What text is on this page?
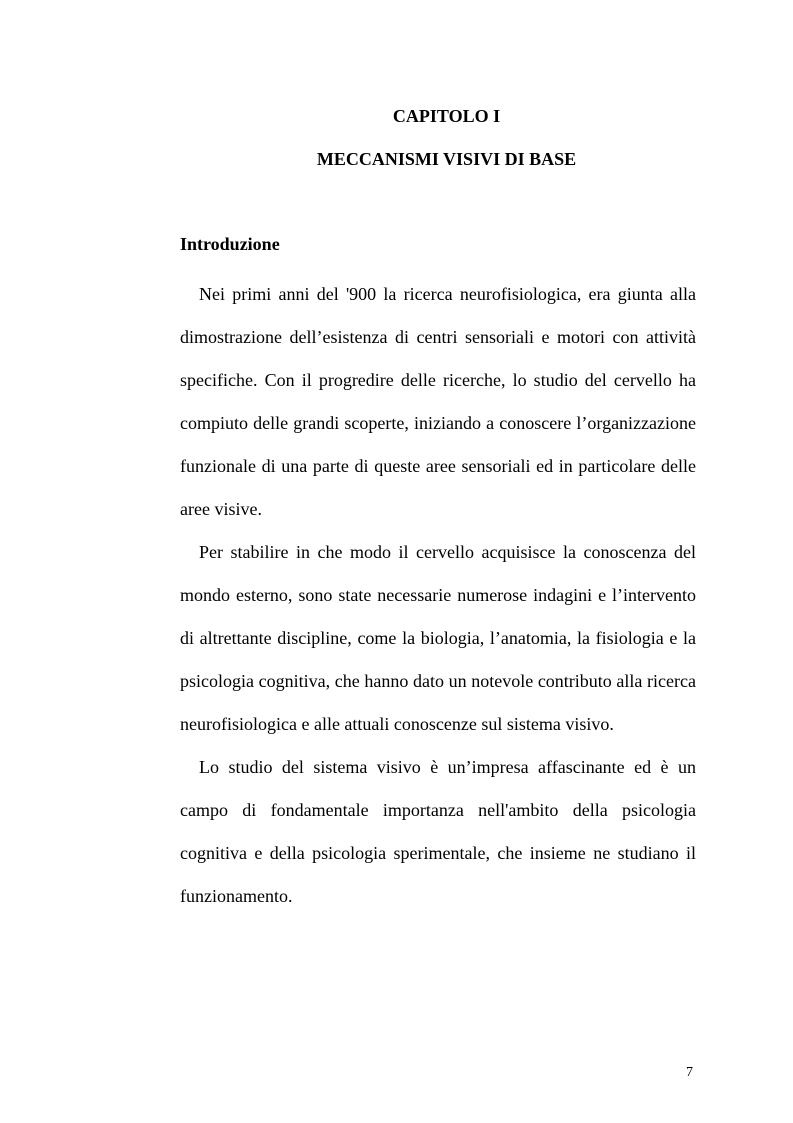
CAPITOLO I
MECCANISMI VISIVI DI BASE
Introduzione

Nei primi anni del '900 la ricerca neurofisiologica, era giunta alla dimostrazione dell’esistenza di centri sensoriali e motori con attività specifiche. Con il progredire delle ricerche, lo studio del cervello ha compiuto delle grandi scoperte, iniziando a conoscere l’organizzazione funzionale di una parte di queste aree sensoriali ed in particolare delle aree visive.

Per stabilire in che modo il cervello acquisisce la conoscenza del mondo esterno, sono state necessarie numerose indagini e l’intervento di altrettante discipline, come la biologia, l’anatomia, la fisiologia e la psicologia cognitiva, che hanno dato un notevole contributo alla ricerca neurofisiologica e alle attuali conoscenze sul sistema visivo.

Lo studio del sistema visivo è un’impresa affascinante ed è un campo di fondamentale importanza nell'ambito della psicologia cognitiva e della psicologia sperimentale, che insieme ne studiano il funzionamento.

7
